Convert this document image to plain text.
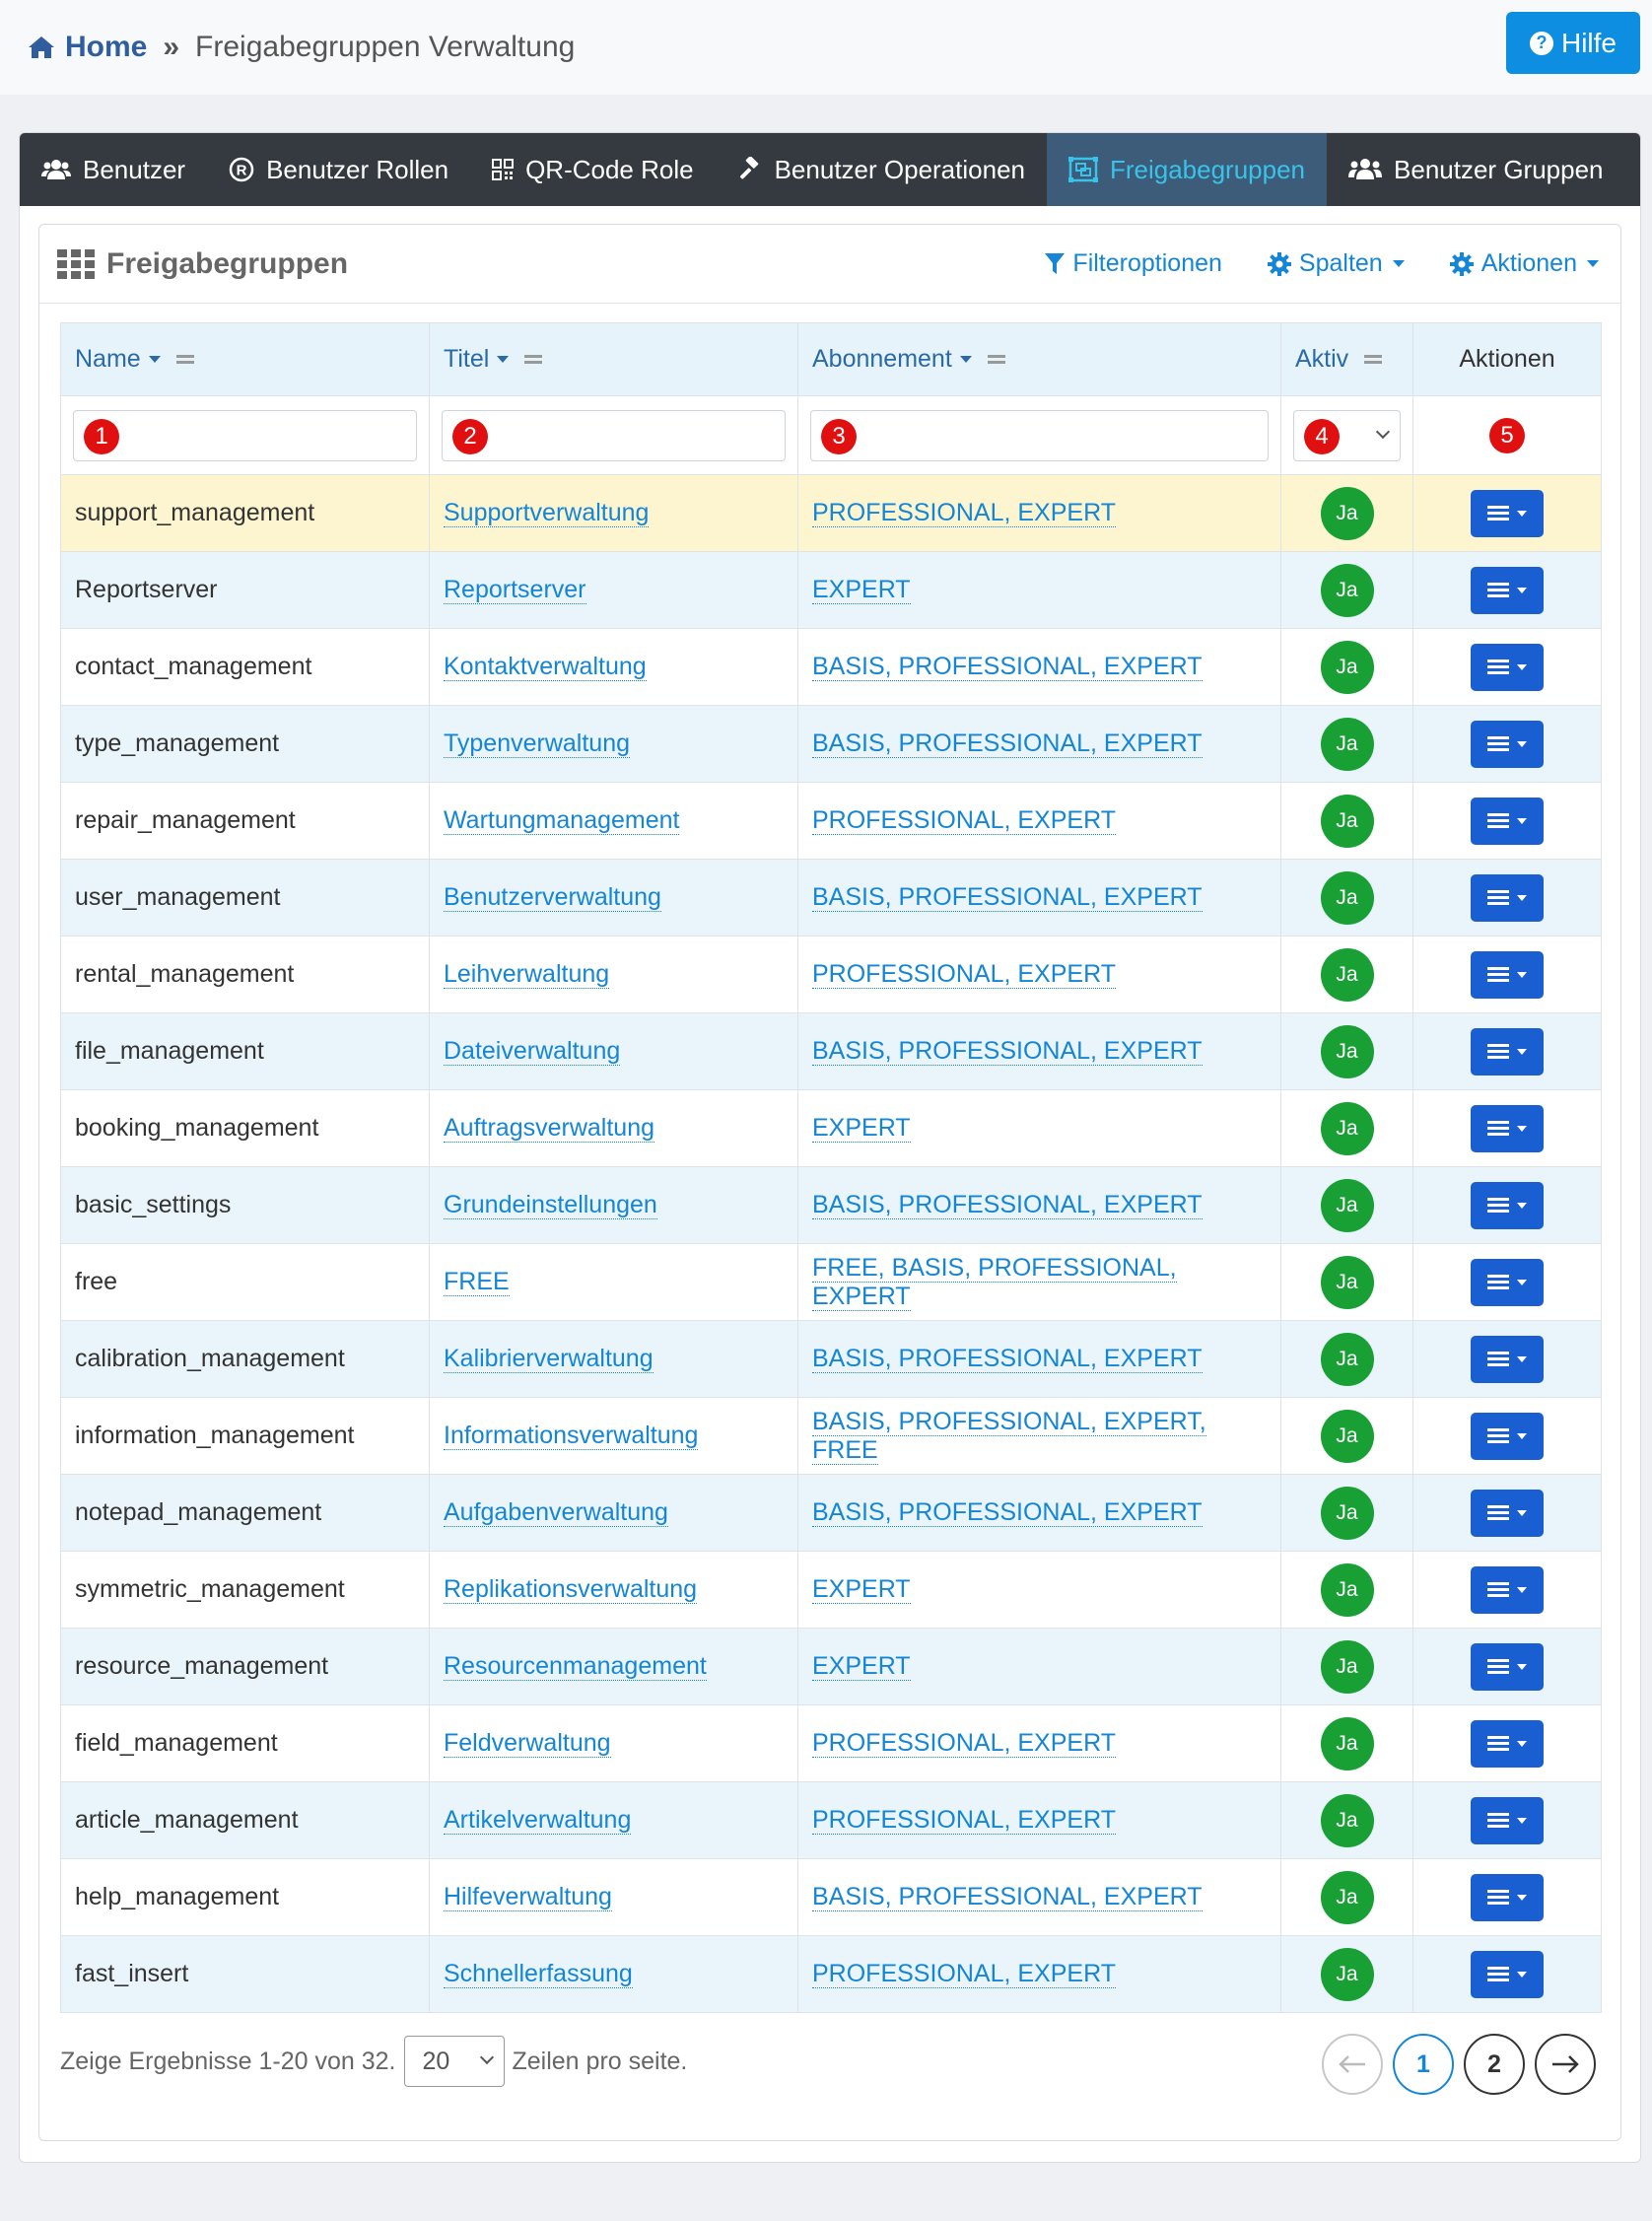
Home » Freigabegruppen Verwaltung	? Hilfe
Benutzer	R Benutzer Rollen	QR-Code Role	Benutzer Operationen	Freigabegruppen	Benutzer Gruppen
Freigabegruppen	Filteroptionen	Spalten	Aktionen
Name	Titel	Abonnement	Aktiv	Aktionen

1	2	3	4	5

support_management	Supportverwaltung	PROFESSIONAL, EXPERT	Ja	

Reportserver	Reportserver	EXPERT	Ja	

contact_management	Kontaktverwaltung	BASIS, PROFESSIONAL, EXPERT	Ja	

type_management	Typenverwaltung	BASIS, PROFESSIONAL, EXPERT	Ja	

repair_management	Wartungmanagement	PROFESSIONAL, EXPERT	Ja	

user_management	Benutzerverwaltung	BASIS, PROFESSIONAL, EXPERT	Ja	

rental_management	Leihverwaltung	PROFESSIONAL, EXPERT	Ja	

file_management	Dateiverwaltung	BASIS, PROFESSIONAL, EXPERT	Ja	

booking_management	Auftragsverwaltung	EXPERT	Ja	

basic_settings	Grundeinstellungen	BASIS, PROFESSIONAL, EXPERT	Ja	

free	FREE	FREE, BASIS, PROFESSIONAL, EXPERT	Ja	

calibration_management	Kalibrierverwaltung	BASIS, PROFESSIONAL, EXPERT	Ja	

information_management	Informationsverwaltung	BASIS, PROFESSIONAL, EXPERT, FREE	Ja	

notepad_management	Aufgabenverwaltung	BASIS, PROFESSIONAL, EXPERT	Ja	

symmetric_management	Replikationsverwaltung	EXPERT	Ja	

resource_management	Resourcenmanagement	EXPERT	Ja	

field_management	Feldverwaltung	PROFESSIONAL, EXPERT	Ja	

article_management	Artikelverwaltung	PROFESSIONAL, EXPERT	Ja	

help_management	Hilfeverwaltung	BASIS, PROFESSIONAL, EXPERT	Ja	

fast_insert	Schnellerfassung	PROFESSIONAL, EXPERT	Ja	
Zeige Ergebnisse 1-20 von 32. 20	Zeilen pro seite.	1	2
